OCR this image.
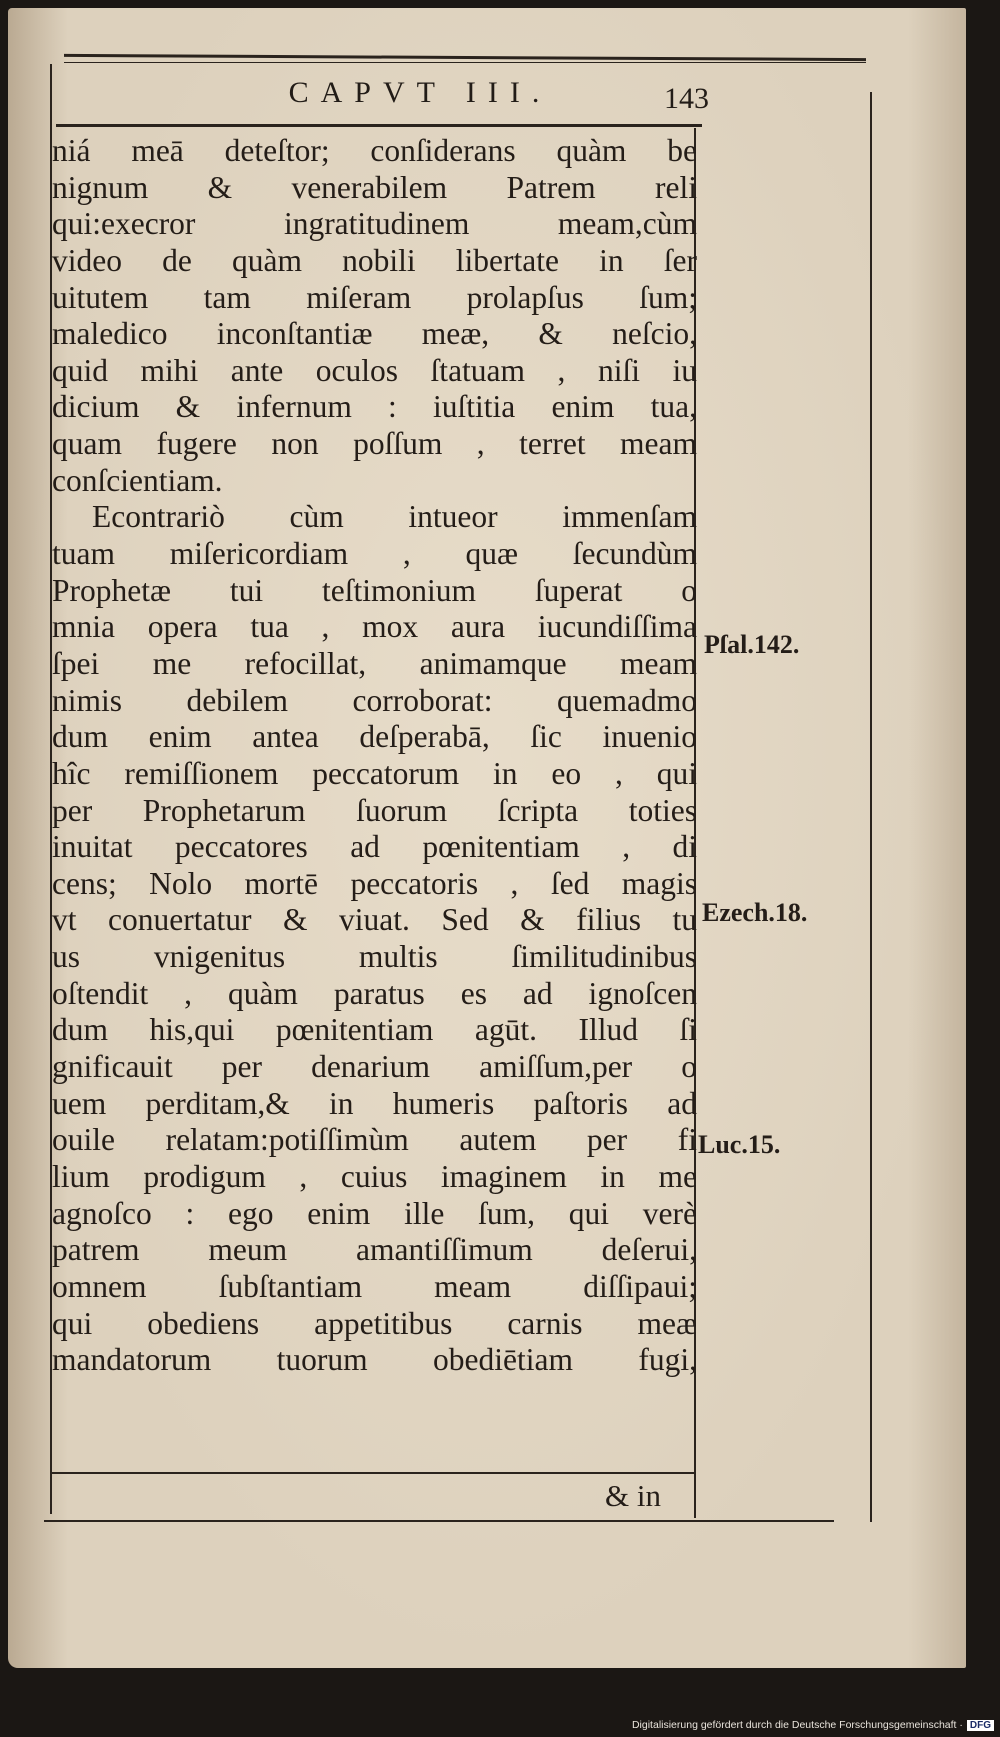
CAPVT III.	143
niá meā deteſtor; conſiderans quàm be
nignum & venerabilem Patrem reli
qui:execror ingratitudinem meam,cùm
video de quàm nobili libertate in ſer
uitutem tam miſeram prolapſus ſum;
maledico inconſtantiæ meæ, & neſcio,
quid mihi ante oculos ſtatuam , niſi iu
dicium & infernum : iuſtitia enim tua,
quam fugere non poſſum , terret meam
conſcientiam.
Econtrariò cùm intueor immenſam
tuam miſericordiam , quæ ſecundùm
Prophetæ tui teſtimonium ſuperat o
mnia opera tua , mox aura iucundiſſima
ſpei me refocillat, animamque meam
nimis debilem corroborat: quemadmo
dum enim antea deſperabā, ſic inuenio
hîc remiſſionem peccatorum in eo , qui
per Prophetarum ſuorum ſcripta toties
inuitat peccatores ad pœnitentiam , di
cens; Nolo mortē peccatoris , ſed magis
vt conuertatur & viuat. Sed & filius tu
us vnigenitus multis ſimilitudinibus
oſtendit , quàm paratus es ad ignoſcen
dum his,qui pœnitentiam agūt. Illud ſi
gnificauit per denarium amiſſum,per o
uem perditam,& in humeris paſtoris ad
ouile relatam:potiſſimùm autem per fi
lium prodigum , cuius imaginem in me
agnoſco : ego enim ille ſum, qui verè
patrem meum amantiſſimum deſerui,
omnem ſubſtantiam meam diſſipaui;
qui obediens appetitibus carnis meæ
mandatorum tuorum obediētiam fugi,
Pſal.142.
Ezech.18.
Luc.15.
& in
Digitalisierung gefördert durch die Deutsche Forschungsgemeinschaft · DFG
